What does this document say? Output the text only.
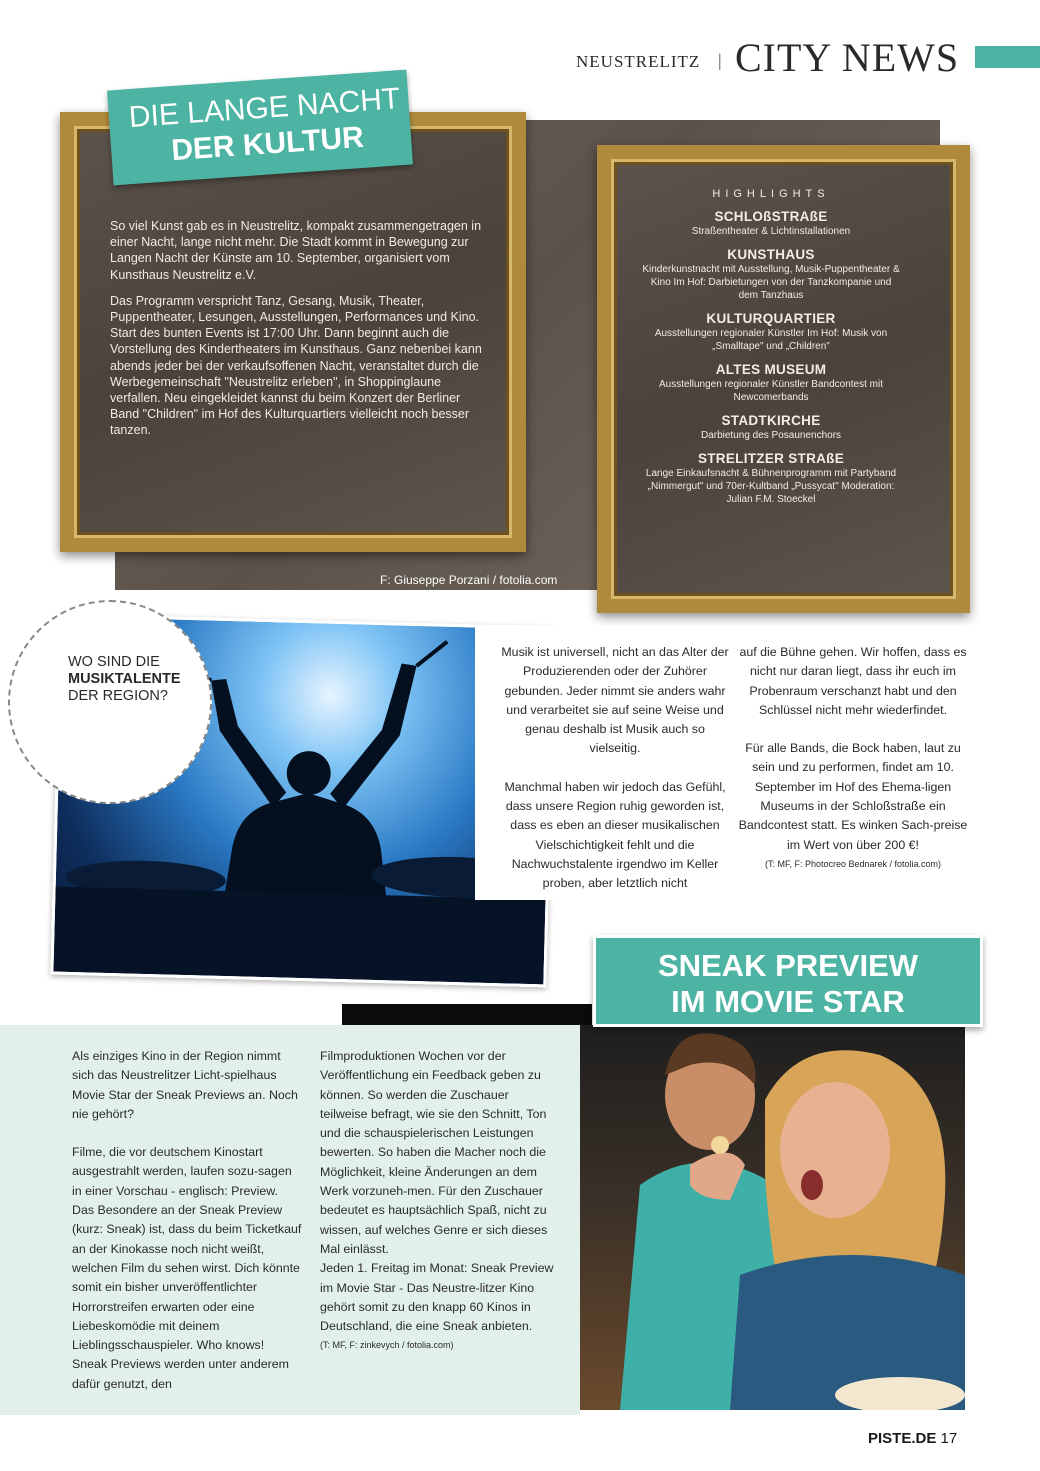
NEUSTRELITZ | CITY NEWS

So viel Kunst gab es in Neustrelitz, kompakt zusammengetragen in einer Nacht, lange nicht mehr. Die Stadt kommt in Bewegung zur Langen Nacht der Künste am 10. September, organisiert vom Kunsthaus Neustrelitz e.V.

Das Programm verspricht Tanz, Gesang, Musik, Theater, Puppentheater, Lesungen, Ausstellungen, Performances und Kino. Start des bunten Events ist 17:00 Uhr. Dann beginnt auch die Vorstellung des Kindertheaters im Kunsthaus. Ganz nebenbei kann abends jeder bei der verkaufsoffenen Nacht, veranstaltet durch die Werbegemeinschaft "Neustrelitz erleben", in Shoppinglaune verfallen. Neu eingekleidet kannst du beim Konzert der Berliner Band "Children" im Hof des Kulturquartiers vielleicht noch besser tanzen.

DIE LANGE NACHT
DER KULTUR
HIGHLIGHTS
SCHLOßSTRAßE
Straßentheater & Lichtinstallationen
KUNSTHAUS
Kinderkunstnacht mit Ausstellung, Musik-Puppentheater & Kino Im Hof: Darbietungen von der Tanzkompanie und dem Tanzhaus
KULTURQUARTIER
Ausstellungen regionaler Künstler Im Hof: Musik von „Smalltape" und „Children"
ALTES MUSEUM
Ausstellungen regionaler Künstler Bandcontest mit Newcomerbands
STADTKIRCHE
Darbietung des Posaunenchors
STRELITZER STRAßE
Lange Einkaufsnacht & Bühnenprogramm mit Partyband „Nimmergut" und 70er-Kultband „Pussycat" Moderation: Julian F.M. Stoeckel
F: Giuseppe Porzani / fotolia.com
WO SIND DIE
MUSIKTALENTE
DER REGION?

Musik ist universell, nicht an das Alter der Produzierenden oder der Zuhörer gebunden. Jeder nimmt sie anders wahr und verarbeitet sie auf seine Weise und genau deshalb ist Musik auch so vielseitig.

Manchmal haben wir jedoch das Gefühl, dass unsere Region ruhig geworden ist, dass es eben an dieser musikalischen Vielschichtigkeit fehlt und die Nachwuchstalente irgendwo im Keller proben, aber letztlich nicht

auf die Bühne gehen. Wir hoffen, dass es nicht nur daran liegt, dass ihr euch im Probenraum verschanzt habt und den Schlüssel nicht mehr wiederfindet.

Für alle Bands, die Bock haben, laut zu sein und zu performen, findet am 10. September im Hof des Ehema-ligen Museums in der Schloßstraße ein Bandcontest statt. Es winken Sach-preise im Wert von über 200 €!

(T: MF, F: Photocreo Bednarek / fotolia.com)

Als einziges Kino in der Region nimmt sich das Neustrelitzer Licht-spielhaus Movie Star der Sneak Previews an. Noch nie gehört?

Filme, die vor deutschem Kinostart ausgestrahlt werden, laufen sozu-sagen in einer Vorschau - englisch: Preview. Das Besondere an der Sneak Preview (kurz: Sneak) ist, dass du beim Ticketkauf an der Kinokasse noch nicht weißt, welchen Film du sehen wirst. Dich könnte somit ein bisher unveröffentlichter Horrorstreifen erwarten oder eine Liebeskomödie mit deinem Lieblingsschauspieler. Who knows! Sneak Previews werden unter anderem dafür genutzt, den

Filmproduktionen Wochen vor der Veröffentlichung ein Feedback geben zu können. So werden die Zuschauer teilweise befragt, wie sie den Schnitt, Ton und die schauspielerischen Leistungen bewerten. So haben die Macher noch die Möglichkeit, kleine Änderungen an dem Werk vorzuneh-men. Für den Zuschauer bedeutet es hauptsächlich Spaß, nicht zu wissen, auf welches Genre er sich dieses Mal einlässt.
Jeden 1. Freitag im Monat: Sneak Preview im Movie Star - Das Neustre-litzer Kino gehört somit zu den knapp 60 Kinos in Deutschland, die eine Sneak anbieten.
(T: MF, F: zinkevych / fotolia.com)
SNEAK PREVIEW
IM MOVIE STAR
PISTE.DE 17
